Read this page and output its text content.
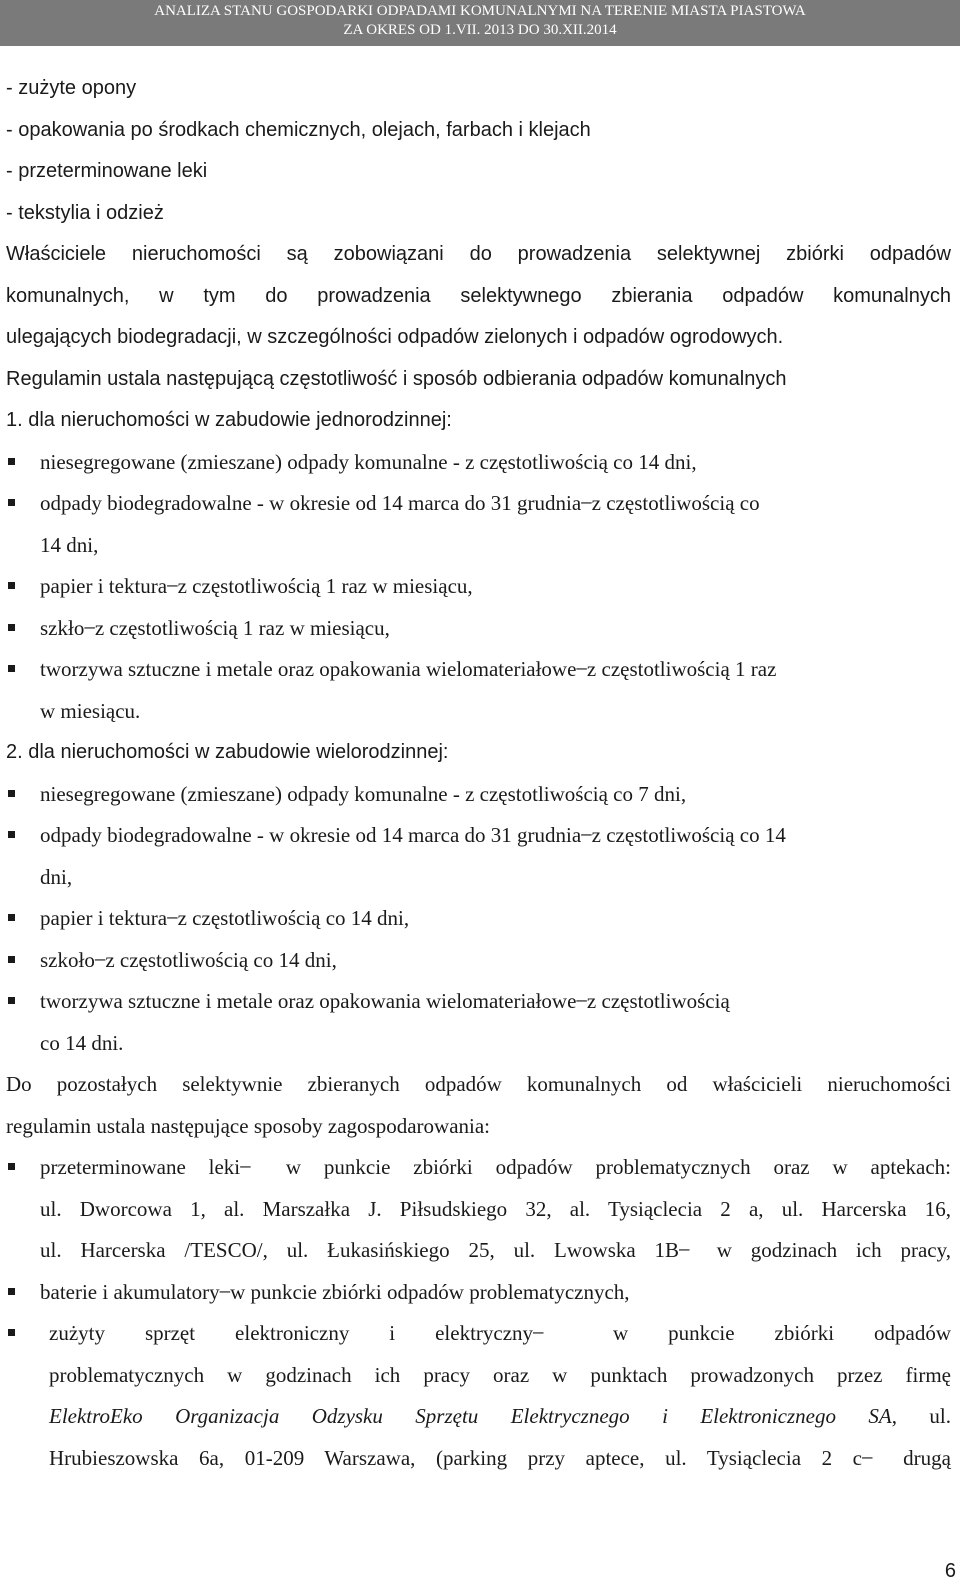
ANALIZA STANU GOSPODARKI ODPADAMI KOMUNALNYMI NA TERENIE MIASTA PIASTOWA
ZA OKRES OD 1.VII. 2013 DO 30.XII.2014
- zużyte opony
- opakowania po środkach chemicznych, olejach, farbach i klejach
- przeterminowane leki
- tekstylia i odzież
Właściciele nieruchomości są zobowiązani do prowadzenia selektywnej zbiórki odpadów
komunalnych, w tym do prowadzenia selektywnego zbierania odpadów komunalnych
ulegających biodegradacji, w szczególności odpadów zielonych i odpadów ogrodowych.
Regulamin ustala następującą częstotliwość i sposób odbierania odpadów komunalnych
1. dla nieruchomości w zabudowie jednorodzinnej:
niesegregowane (zmieszane) odpady komunalne - z częstotliwością co 14 dni,
odpady biodegradowalne - w okresie od 14 marca do 31 grudnia ̶ z częstotliwością co
14 dni,
papier i tektura ̶ z częstotliwością 1 raz w miesiącu,
szkło ̶ z częstotliwością 1 raz w miesiącu,
tworzywa sztuczne i metale oraz opakowania wielomateriałowe ̶ z częstotliwością 1 raz
w miesiącu.
2. dla nieruchomości w zabudowie wielorodzinnej:
niesegregowane (zmieszane) odpady komunalne - z częstotliwością co 7 dni,
odpady biodegradowalne - w okresie od 14 marca do 31 grudnia ̶ z częstotliwością co 14
dni,
papier i tektura ̶ z częstotliwością co 14 dni,
szkoło ̶ z częstotliwością co 14 dni,
tworzywa sztuczne i metale oraz opakowania wielomateriałowe ̶ z częstotliwością
co 14 dni.
Do pozostałych selektywnie zbieranych odpadów komunalnych od właścicieli nieruchomości
regulamin ustala następujące sposoby zagospodarowania:
przeterminowane leki ̶ w punkcie zbiórki odpadów problematycznych oraz w aptekach:
ul. Dworcowa 1, al. Marszałka J. Piłsudskiego 32, al. Tysiąclecia 2 a, ul. Harcerska 16,
ul. Harcerska /TESCO/, ul. Łukasińskiego 25, ul. Lwowska 1B ̶ w godzinach ich pracy,
baterie i akumulatory ̶ w punkcie zbiórki odpadów problematycznych,
zużyty sprzęt elektroniczny i elektryczny ̶ w punkcie zbiórki odpadów
problematycznych w godzinach ich pracy oraz w punktach prowadzonych przez firmę
ElektroEko Organizacja Odzysku Sprzętu Elektrycznego i Elektronicznego SA, ul.
Hrubieszowska 6a, 01-209 Warszawa, (parking przy aptece, ul. Tysiąclecia 2 c ̶ drugą
6
